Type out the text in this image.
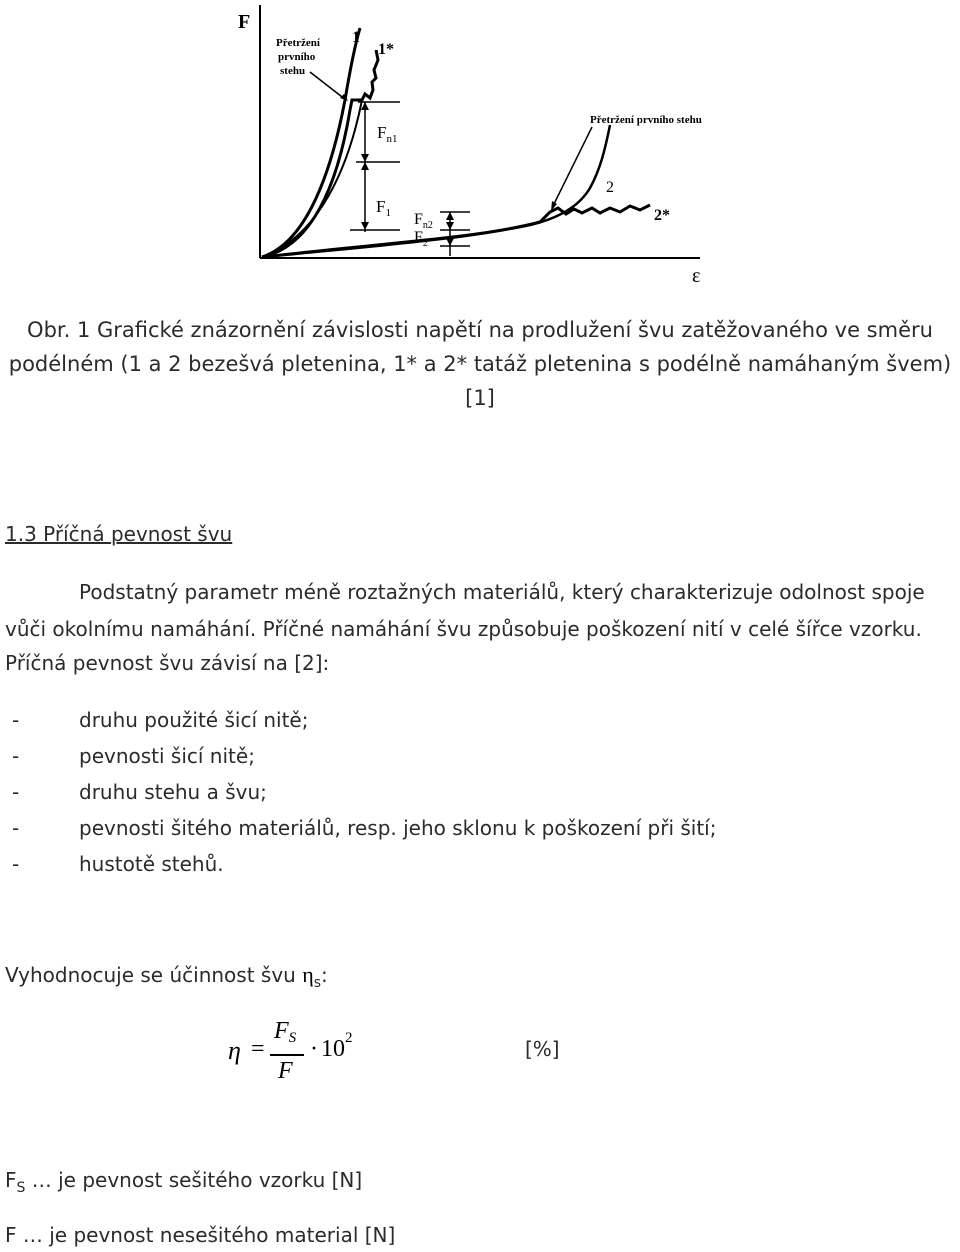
F
ε
1
1*
2
2*
Přetržení
prvního
stehu
Přetržení prvního stehu
$F_{n1}$
$F_1$ $F_{n2}$
$F_2$
Obr. 1 Grafické znázornění závislosti napětí na prodlužení švu zatěžovaného ve směru
podélném (1 a 2 bezešvá pletenina, 1* a 2* tatáž pletenina s podélně namáhaným švem) [1]
1.3 Příčná pevnost švu
Podstatný parametr méně roztažných materiálů, který charakterizuje odolnost spoje
vůči okolnímu namáhání. Příčné namáhání švu způsobuje poškození nití v celé šířce vzorku.
Příčná pevnost švu závisí na [2]:
-	druhu použité šicí nitě;
-	pevnosti šicí nitě;
-	druhu stehu a švu;
-	pevnosti šitého materiálů, resp. jeho sklonu k poškození při šití;
-	hustotě stehů.
Vyhodnocuje se účinnost švu $\eta_s$:
η =
FS
F
· 10 2	[%]
$F_S$ … je pevnost sešitého vzorku [N]
F … je pevnost nesešitého material [N]
